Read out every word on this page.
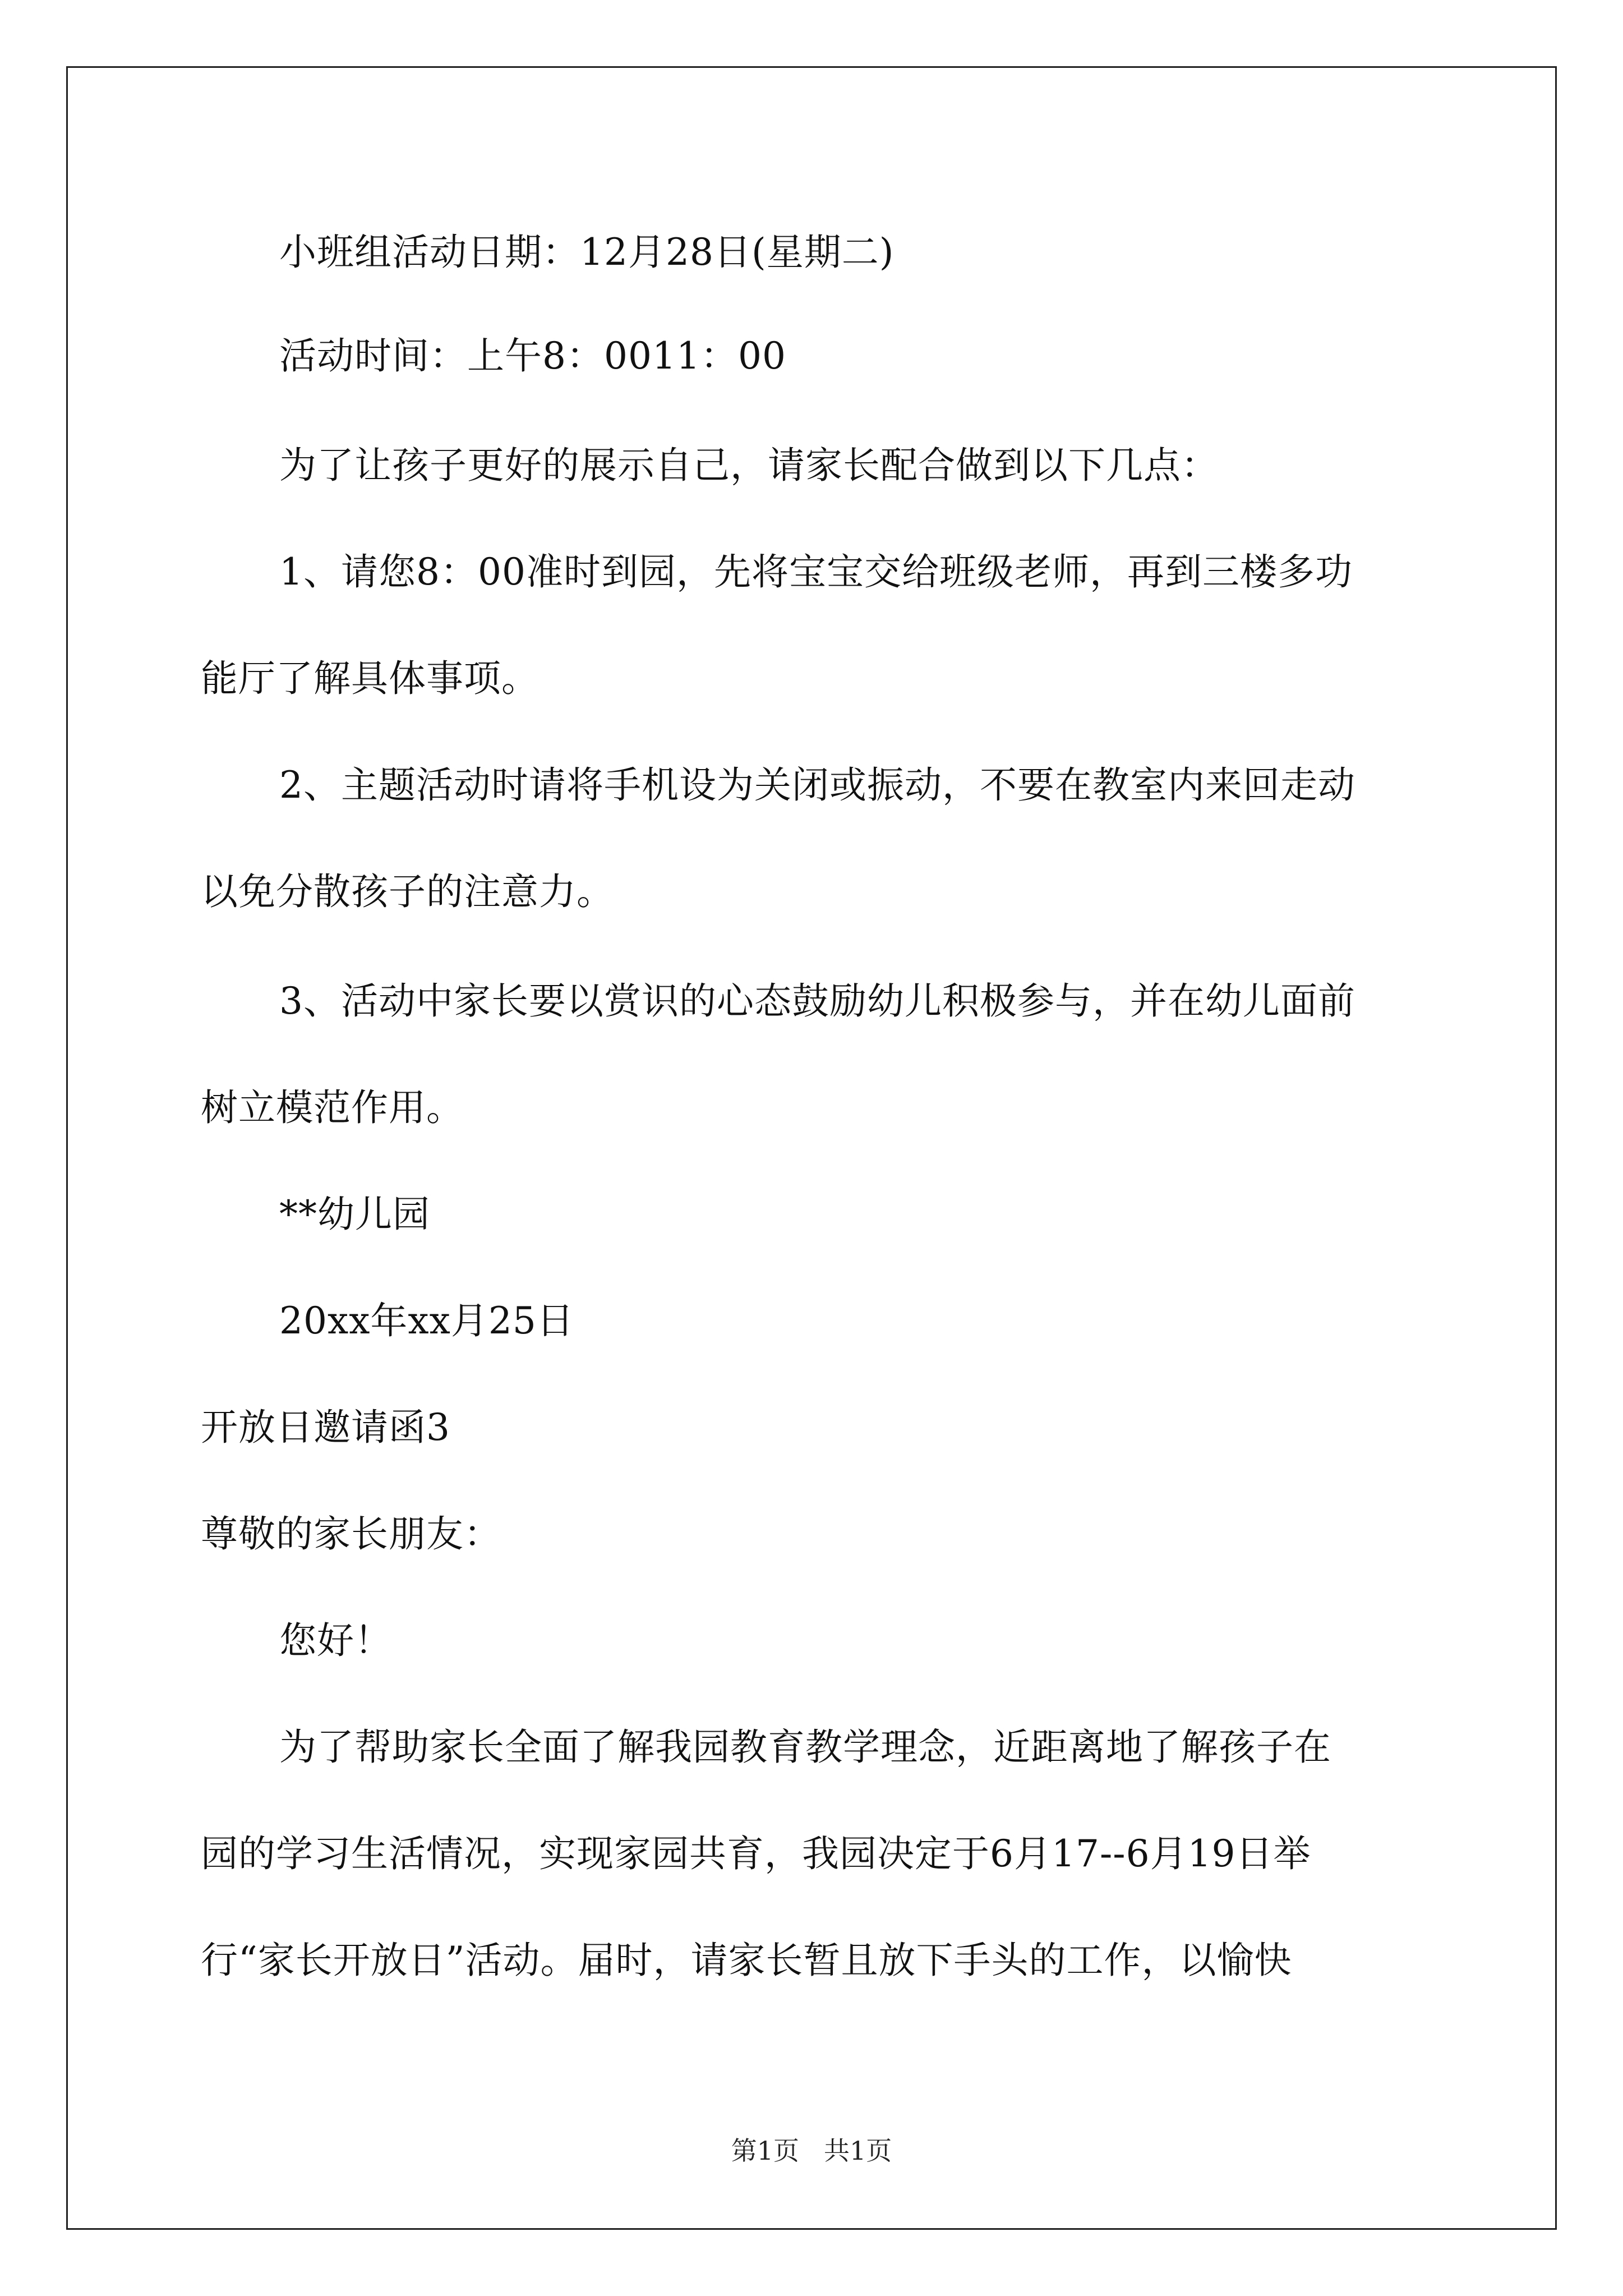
小班组活动日期：12月28日(星期二)
活动时间：上午8：0011：00
为了让孩子更好的展示自己，请家长配合做到以下几点：
1、请您8：00准时到园，先将宝宝交给班级老师，再到三楼多功
能厅了解具体事项。
2、主题活动时请将手机设为关闭或振动，不要在教室内来回走动
以免分散孩子的注意力。
3、活动中家长要以赏识的心态鼓励幼儿积极参与，并在幼儿面前
树立模范作用。
**幼儿园
20xx年xx月25日
开放日邀请函3
尊敬的家长朋友：
您好！
为了帮助家长全面了解我园教育教学理念，近距离地了解孩子在
园的学习生活情况，实现家园共育，我园决定于6月17--6月19日举
行“家长开放日”活动。届时，请家长暂且放下手头的工作，以愉快
第1页 共1页
